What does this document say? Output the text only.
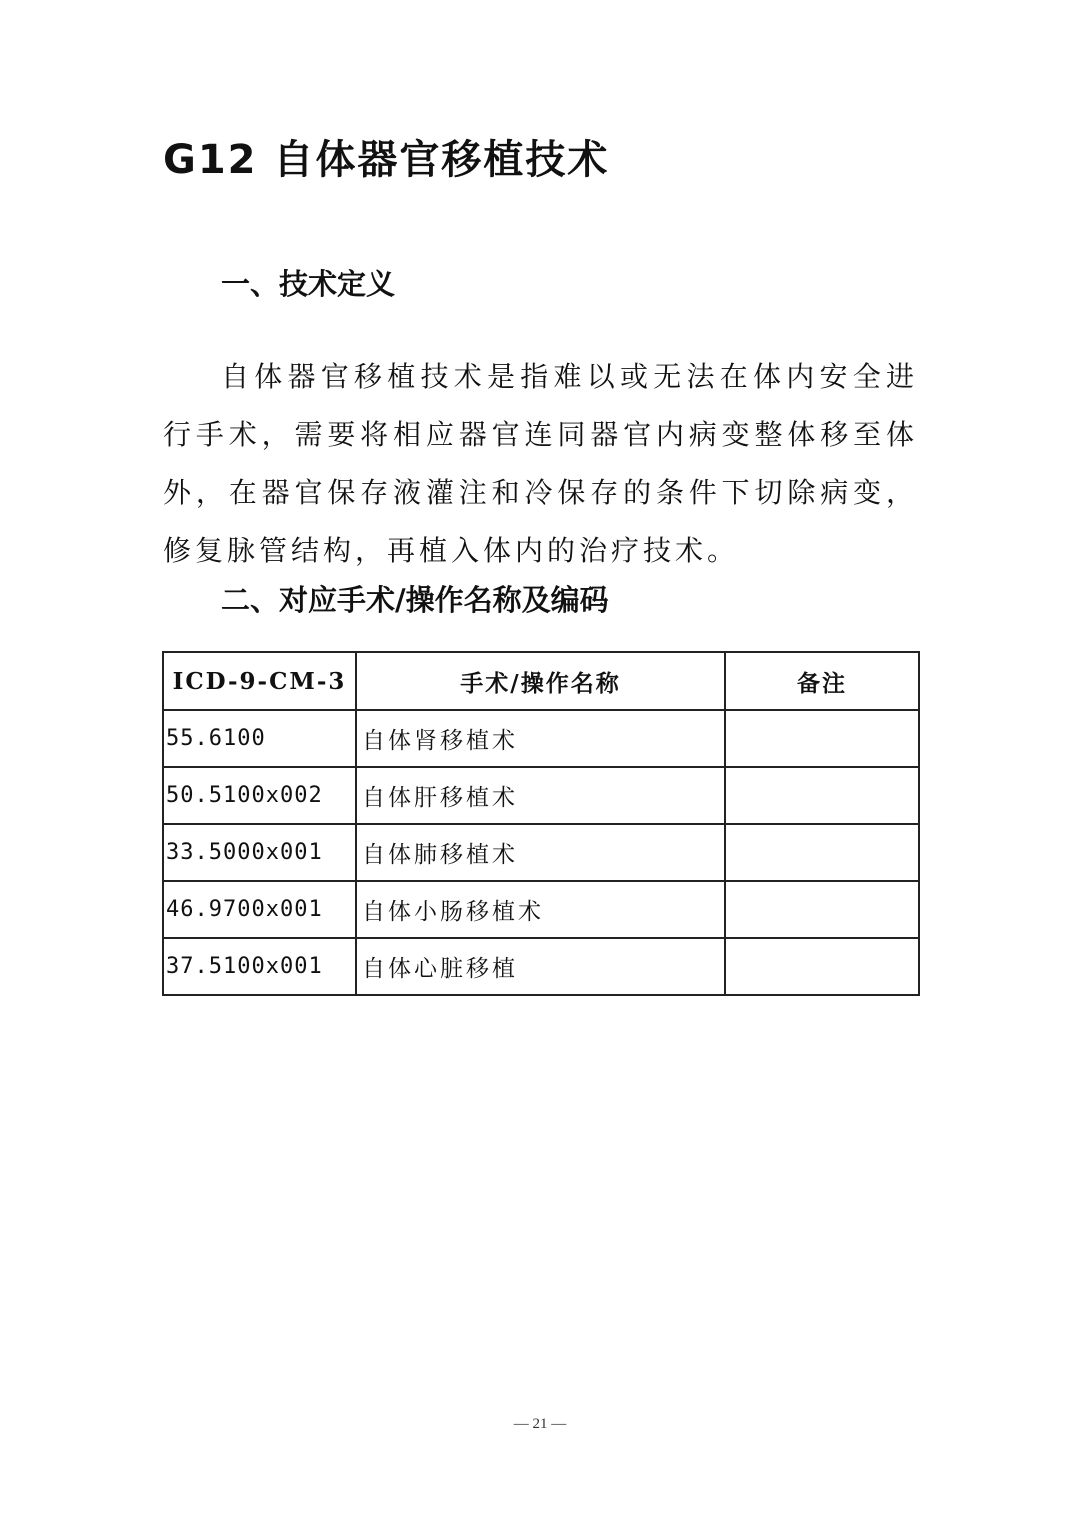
G12 自体器官移植技术
一、技术定义

自体器官移植技术是指难以或无法在体内安全进行手术，需要将相应器官连同器官内病变整体移至体外，在器官保存液灌注和冷保存的条件下切除病变，修复脉管结构，再植入体内的治疗技术。

二、对应手术/操作名称及编码
ICD-9-CM-3	手术/操作名称	备注
55.6100	自体肾移植术	
50.5100x002	自体肝移植术	
33.5000x001	自体肺移植术	
46.9700x001	自体小肠移植术	
37.5100x001	自体心脏移植	
— 21 —
